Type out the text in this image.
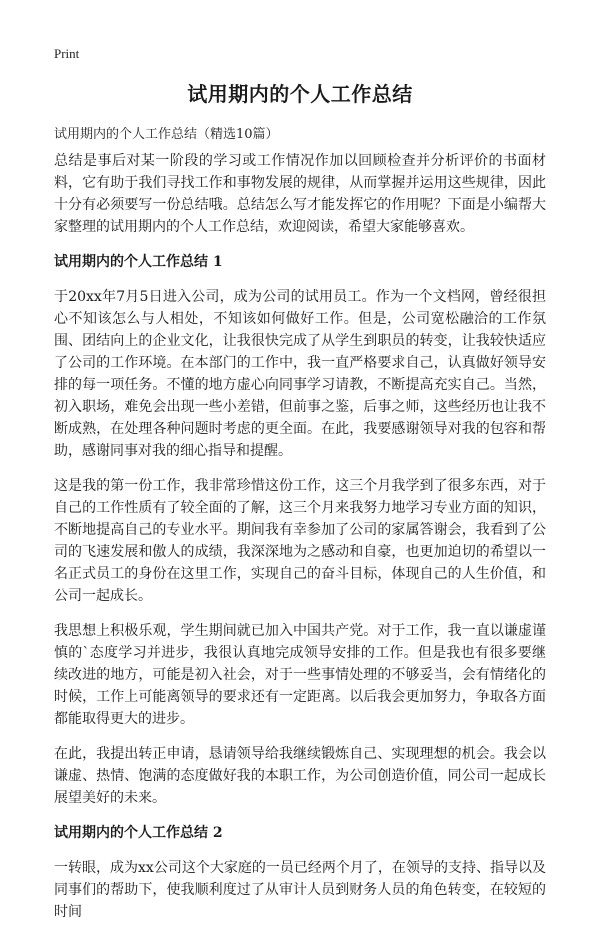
Print
试用期内的个人工作总结
试用期内的个人工作总结（精选10篇）

总结是事后对某一阶段的学习或工作情况作加以回顾检查并分析评价的书面材料，它有助于我们寻找工作和事物发展的规律，从而掌握并运用这些规律，因此十分有必须要写一份总结哦。总结怎么写才能发挥它的作用呢？下面是小编帮大家整理的试用期内的个人工作总结，欢迎阅读，希望大家能够喜欢。

试用期内的个人工作总结 1

于20xx年7月5日进入公司，成为公司的试用员工。作为一个文档网，曾经很担心不知该怎么与人相处，不知该如何做好工作。但是，公司宽松融洽的工作氛围、团结向上的企业文化，让我很快完成了从学生到职员的转变，让我较快适应了公司的工作环境。在本部门的工作中，我一直严格要求自己，认真做好领导安排的每一项任务。不懂的地方虚心向同事学习请教，不断提高充实自己。当然，初入职场，难免会出现一些小差错，但前事之鉴，后事之师，这些经历也让我不断成熟，在处理各种问题时考虑的更全面。在此，我要感谢领导对我的包容和帮助，感谢同事对我的细心指导和提醒。

这是我的第一份工作，我非常珍惜这份工作，这三个月我学到了很多东西，对于自己的工作性质有了较全面的了解，这三个月来我努力地学习专业方面的知识，不断地提高自己的专业水平。期间我有幸参加了公司的家属答谢会，我看到了公司的飞速发展和傲人的成绩，我深深地为之感动和自豪，也更加迫切的希望以一名正式员工的身份在这里工作，实现自己的奋斗目标，体现自己的人生价值，和公司一起成长。

我思想上积极乐观，学生期间就已加入中国共产党。对于工作，我一直以谦虚谨慎的`态度学习并进步，我很认真地完成领导安排的工作。但是我也有很多要继续改进的地方，可能是初入社会，对于一些事情处理的不够妥当，会有情绪化的时候，工作上可能离领导的要求还有一定距离。以后我会更加努力，争取各方面都能取得更大的进步。

在此，我提出转正申请，恳请领导给我继续锻炼自己、实现理想的机会。我会以谦虚、热情、饱满的态度做好我的本职工作，为公司创造价值，同公司一起成长展望美好的未来。

试用期内的个人工作总结 2

一转眼，成为xx公司这个大家庭的一员已经两个月了，在领导的支持、指导以及同事们的帮助下，使我顺利度过了从审计人员到财务人员的角色转变，在较短的时间
